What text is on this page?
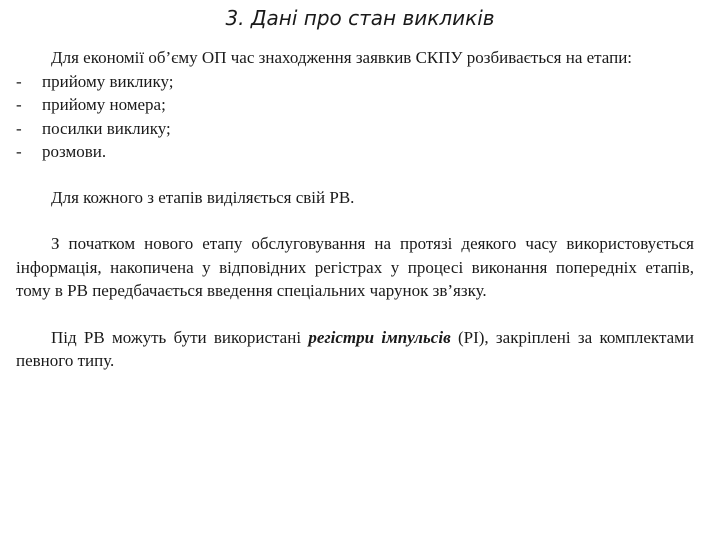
3. Дані про стан викликів

Для економії об’єму ОП час знаходження заявкив СКПУ розбивається на етапи:

-	прийому виклику;
-	прийому номера;
-	посилки виклику;
-	розмови.

Для кожного з етапів виділяється свій РВ.

З початком нового етапу обслуговування на протязі деякого часу використовується інформація, накопичена у відповідних регістрах у процесі виконання попередніх етапів, тому в РВ передбачається введення спеціальних чарунок зв’язку.

Під РВ можуть бути використані регістри імпульсів (РІ), закріплені за комплектами певного типу.
